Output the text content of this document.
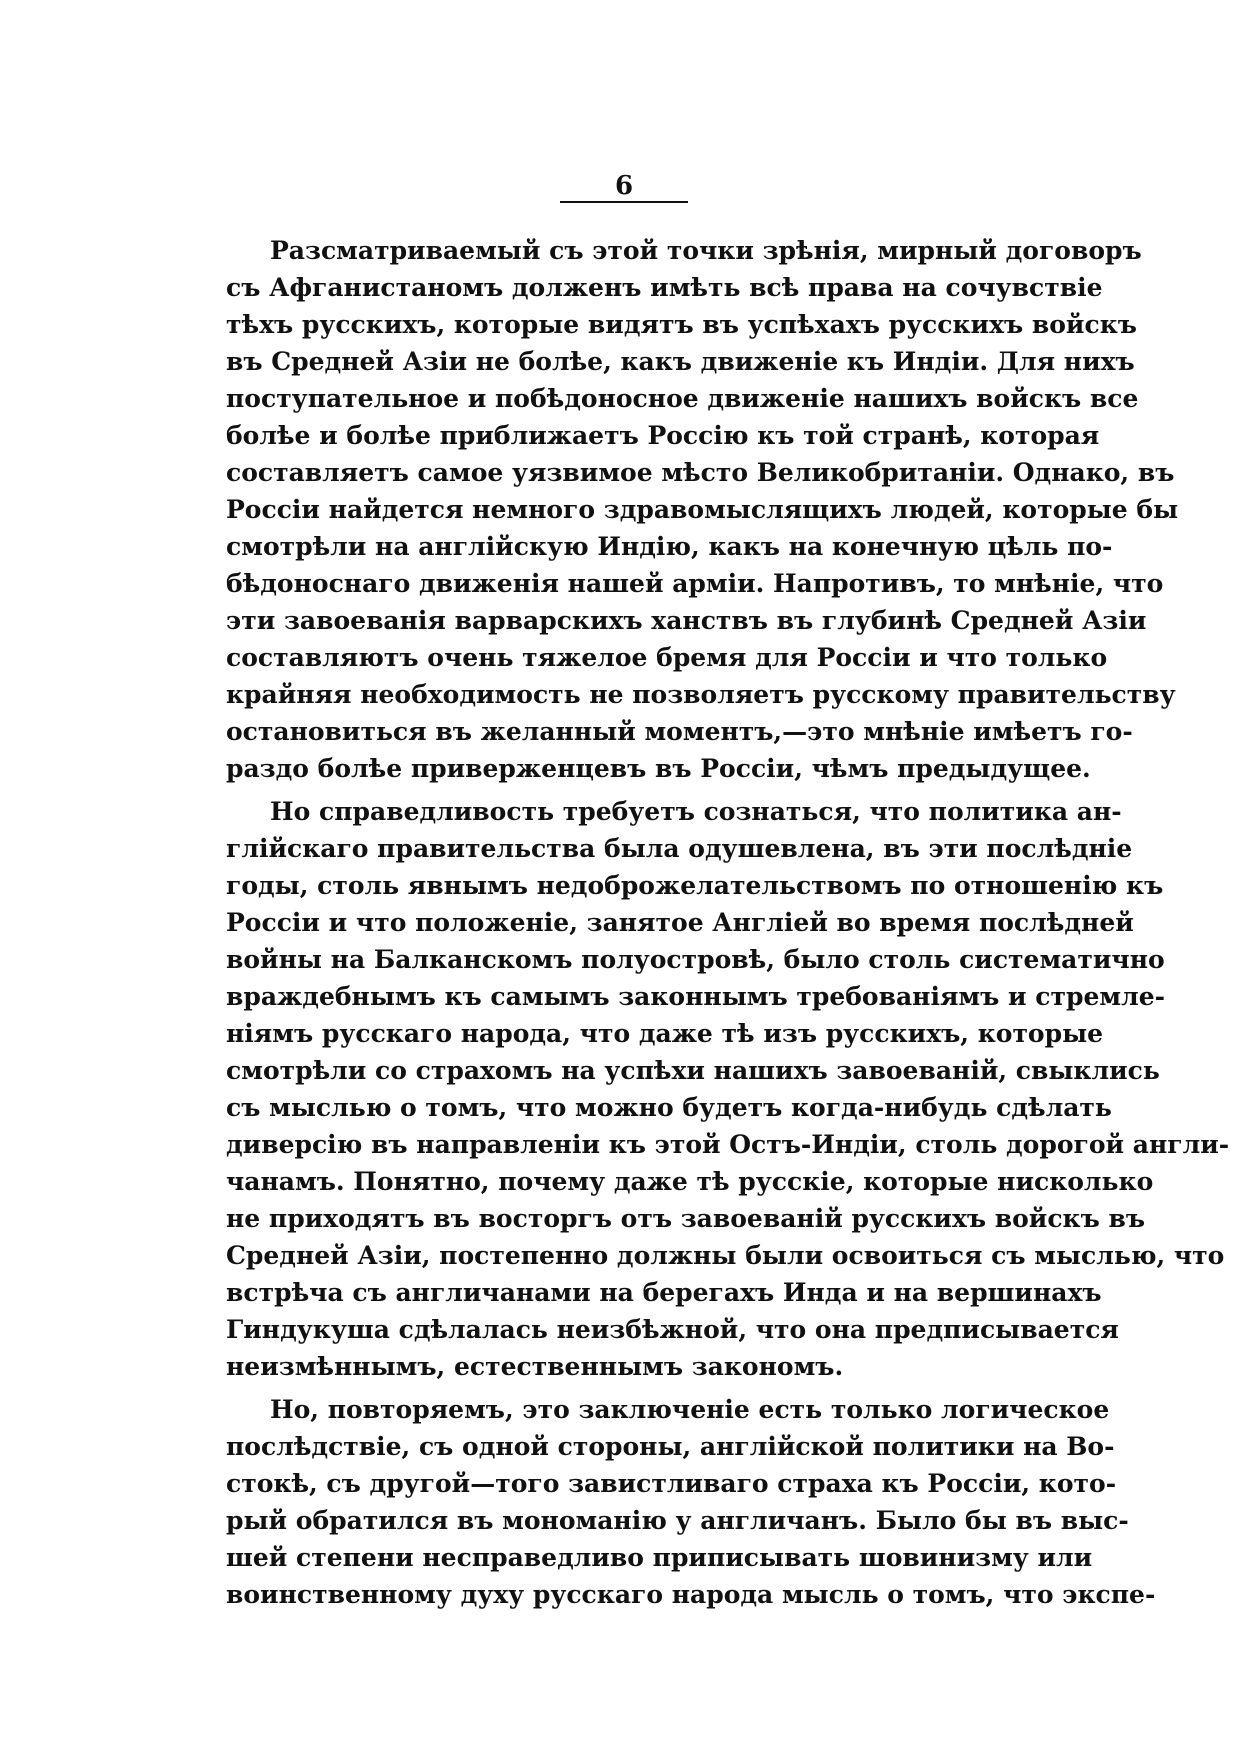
6
Разсматриваемый съ этой точки зрѣнія, мирный договоръ
съ Афганистаномъ долженъ имѣть всѣ права на сочувствіе
тѣхъ русскихъ, которые видятъ въ успѣхахъ русскихъ войскъ
въ Средней Азіи не болѣе, какъ движеніе къ Индіи. Для нихъ
поступательное и побѣдоносное движеніе нашихъ войскъ все
болѣе и болѣе приближаетъ Россію къ той странѣ, которая
составляетъ самое уязвимое мѣсто Великобританіи. Однако, въ
Россіи найдется немного здравомыслящихъ людей, которые бы
смотрѣли на англійскую Индію, какъ на конечную цѣль по-
бѣдоноснаго движенія нашей арміи. Напротивъ, то мнѣніе, что
эти завоеванія варварскихъ ханствъ въ глубинѣ Средней Азіи
составляютъ очень тяжелое бремя для Россіи и что только
крайняя необходимость не позволяетъ русскому правительству
остановиться въ желанный моментъ,—это мнѣніе имѣетъ го-
раздо болѣе приверженцевъ въ Россіи, чѣмъ предыдущее.
Но справедливость требуетъ сознаться, что политика ан-
глійскаго правительства была одушевлена, въ эти послѣдніе
годы, столь явнымъ недоброжелательствомъ по отношенію къ
Россіи и что положеніе, занятое Англіей во время послѣдней
войны на Балканскомъ полуостровѣ, было столь систематично
враждебнымъ къ самымъ законнымъ требованіямъ и стремле-
ніямъ русскаго народа, что даже тѣ изъ русскихъ, которые
смотрѣли со страхомъ на успѣхи нашихъ завоеваній, свыклись
съ мыслью о томъ, что можно будетъ когда-нибудь сдѣлать
диверсію въ направленіи къ этой Остъ-Индіи, столь дорогой англи-
чанамъ. Понятно, почему даже тѣ русскіе, которые нисколько
не приходятъ въ восторгъ отъ завоеваній русскихъ войскъ въ
Средней Азіи, постепенно должны были освоиться съ мыслью, что
встрѣча съ англичанами на берегахъ Инда и на вершинахъ
Гиндукуша сдѣлалась неизбѣжной, что она предписывается
неизмѣннымъ, естественнымъ закономъ.
Но, повторяемъ, это заключеніе есть только логическое
послѣдствіе, съ одной стороны, англійской политики на Во-
стокѣ, съ другой—того завистливаго страха къ Россіи, кото-
рый обратился въ мономанію у англичанъ. Было бы въ выс-
шей степени несправедливо приписывать шовинизму или
воинственному духу русскаго народа мысль о томъ, что экспе-
